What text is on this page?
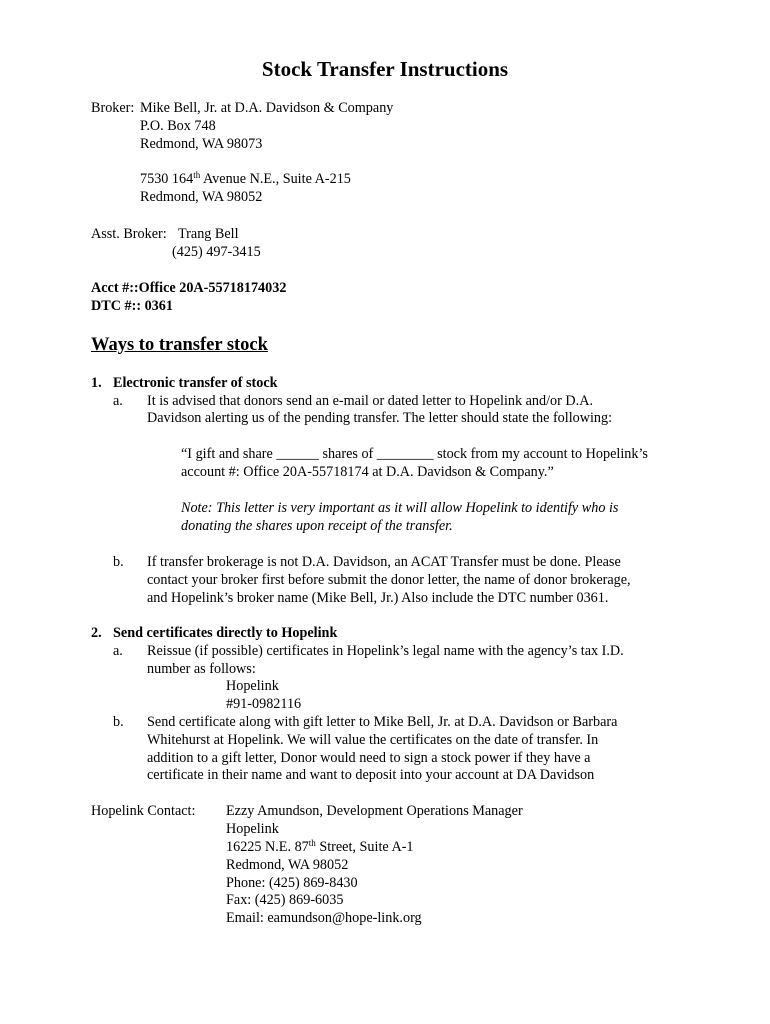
Stock Transfer Instructions
Broker: Mike Bell, Jr. at D.A. Davidson & Company
P.O. Box 748
Redmond, WA 98073
7530 164th Avenue N.E., Suite A-215
Redmond, WA 98052
Asst. Broker: Trang Bell
(425) 497-3415
Acct #::Office 20A-55718174032
DTC #:: 0361
Ways to transfer stock
1. Electronic transfer of stock
a. It is advised that donors send an e-mail or dated letter to Hopelink and/or D.A.
Davidson alerting us of the pending transfer. The letter should state the following:
“I gift and share ______ shares of ________ stock from my account to Hopelink’s
account #: Office 20A-55718174 at D.A. Davidson & Company.”
Note: This letter is very important as it will allow Hopelink to identify who is
donating the shares upon receipt of the transfer.
b. If transfer brokerage is not D.A. Davidson, an ACAT Transfer must be done. Please
contact your broker first before submit the donor letter, the name of donor brokerage,
and Hopelink’s broker name (Mike Bell, Jr.) Also include the DTC number 0361.
2. Send certificates directly to Hopelink
a. Reissue (if possible) certificates in Hopelink’s legal name with the agency’s tax I.D.
number as follows:
Hopelink
#91-0982116
b. Send certificate along with gift letter to Mike Bell, Jr. at D.A. Davidson or Barbara
Whitehurst at Hopelink. We will value the certificates on the date of transfer. In
addition to a gift letter, Donor would need to sign a stock power if they have a
certificate in their name and want to deposit into your account at DA Davidson
Hopelink Contact: Ezzy Amundson, Development Operations Manager
Hopelink
16225 N.E. 87th Street, Suite A-1
Redmond, WA 98052
Phone: (425) 869-8430
Fax: (425) 869-6035
Email: eamundson@hope-link.org
